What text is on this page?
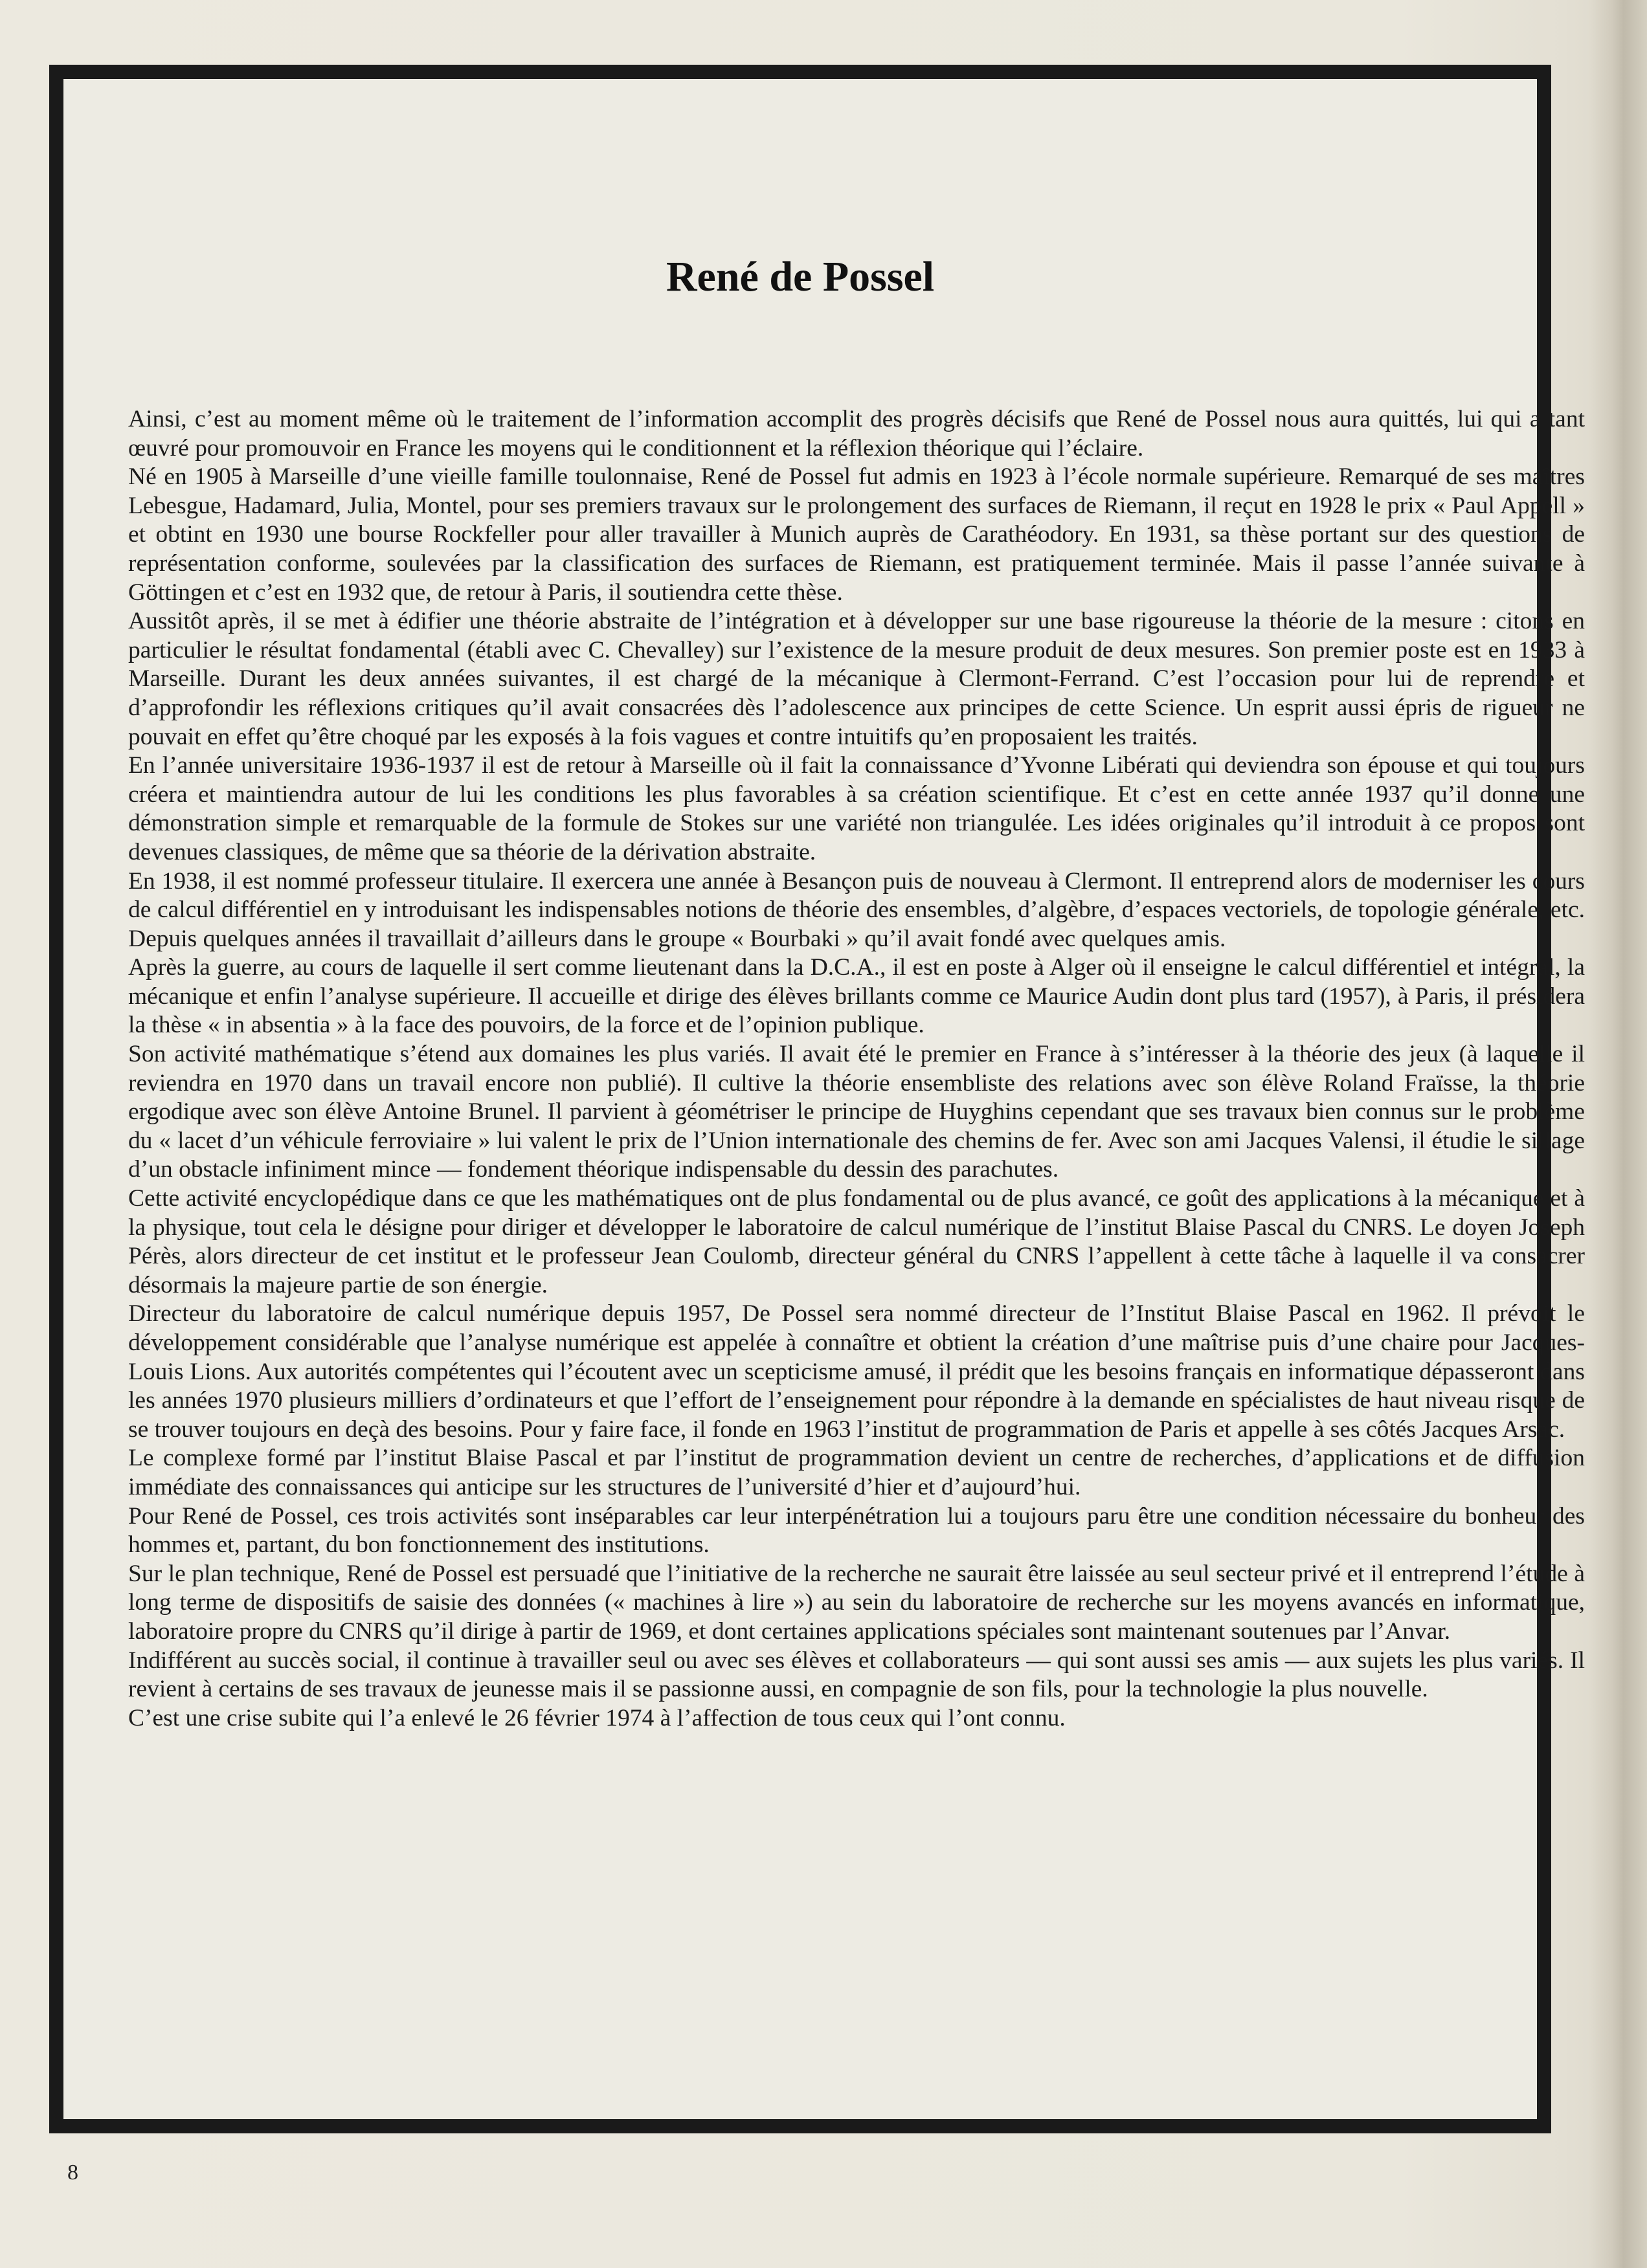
René de Possel

Ainsi, c’est au moment même où le traitement de l’information accomplit des progrès décisifs que René de Possel nous aura quittés, lui qui a tant œuvré pour promouvoir en France les moyens qui le conditionnent et la réflexion théorique qui l’éclaire.

Né en 1905 à Marseille d’une vieille famille toulonnaise, René de Possel fut admis en 1923 à l’école normale supérieure. Remarqué de ses maîtres Lebesgue, Hadamard, Julia, Montel, pour ses premiers travaux sur le prolongement des surfaces de Riemann, il reçut en 1928 le prix « Paul Appell » et obtint en 1930 une bourse Rockfeller pour aller travailler à Munich auprès de Carathéodory. En 1931, sa thèse portant sur des questions de représentation conforme, soulevées par la classification des surfaces de Riemann, est pratiquement terminée. Mais il passe l’année suivante à Göttingen et c’est en 1932 que, de retour à Paris, il soutiendra cette thèse.

Aussitôt après, il se met à édifier une théorie abstraite de l’intégration et à développer sur une base rigoureuse la théorie de la mesure : citons en particulier le résultat fondamental (établi avec C. Chevalley) sur l’existence de la mesure produit de deux mesures. Son premier poste est en 1933 à Marseille. Durant les deux années suivantes, il est chargé de la mécanique à Clermont-Ferrand. C’est l’occasion pour lui de reprendre et d’approfondir les réflexions critiques qu’il avait consacrées dès l’adolescence aux principes de cette Science. Un esprit aussi épris de rigueur ne pouvait en effet qu’être choqué par les exposés à la fois vagues et contre intuitifs qu’en proposaient les traités.

En l’année universitaire 1936-1937 il est de retour à Marseille où il fait la connaissance d’Yvonne Libérati qui deviendra son épouse et qui toujours créera et maintiendra autour de lui les conditions les plus favorables à sa création scientifique. Et c’est en cette année 1937 qu’il donne une démonstration simple et remarquable de la formule de Stokes sur une variété non triangulée. Les idées originales qu’il introduit à ce propos sont devenues classiques, de même que sa théorie de la dérivation abstraite.

En 1938, il est nommé professeur titulaire. Il exercera une année à Besançon puis de nouveau à Clermont. Il entreprend alors de moderniser les cours de calcul différentiel en y introduisant les indispensables notions de théorie des ensembles, d’algèbre, d’espaces vectoriels, de topologie générale, etc. Depuis quelques années il travaillait d’ailleurs dans le groupe « Bourbaki » qu’il avait fondé avec quelques amis.

Après la guerre, au cours de laquelle il sert comme lieutenant dans la D.C.A., il est en poste à Alger où il enseigne le calcul différentiel et intégral, la mécanique et enfin l’analyse supérieure. Il accueille et dirige des élèves brillants comme ce Maurice Audin dont plus tard (1957), à Paris, il présidera la thèse « in absentia » à la face des pouvoirs, de la force et de l’opinion publique.

Son activité mathématique s’étend aux domaines les plus variés. Il avait été le premier en France à s’intéresser à la théorie des jeux (à laquelle il reviendra en 1970 dans un travail encore non publié). Il cultive la théorie ensembliste des relations avec son élève Roland Fraïsse, la théorie ergodique avec son élève Antoine Brunel. Il parvient à géométriser le principe de Huyghins cependant que ses travaux bien connus sur le problème du « lacet d’un véhicule ferroviaire » lui valent le prix de l’Union internationale des chemins de fer. Avec son ami Jacques Valensi, il étudie le sillage d’un obstacle infiniment mince — fondement théorique indispensable du dessin des parachutes.

Cette activité encyclopédique dans ce que les mathématiques ont de plus fondamental ou de plus avancé, ce goût des applications à la mécanique et à la physique, tout cela le désigne pour diriger et développer le laboratoire de calcul numérique de l’institut Blaise Pascal du CNRS. Le doyen Joseph Pérès, alors directeur de cet institut et le professeur Jean Coulomb, directeur général du CNRS l’appellent à cette tâche à laquelle il va consacrer désormais la majeure partie de son énergie.

Directeur du laboratoire de calcul numérique depuis 1957, De Possel sera nommé directeur de l’Institut Blaise Pascal en 1962. Il prévoit le développement considérable que l’analyse numérique est appelée à connaître et obtient la création d’une maîtrise puis d’une chaire pour Jacques-Louis Lions. Aux autorités compétentes qui l’écoutent avec un scepticisme amusé, il prédit que les besoins français en informatique dépasseront dans les années 1970 plusieurs milliers d’ordinateurs et que l’effort de l’enseignement pour répondre à la demande en spécialistes de haut niveau risque de se trouver toujours en deçà des besoins. Pour y faire face, il fonde en 1963 l’institut de programmation de Paris et appelle à ses côtés Jacques Arsac.

Le complexe formé par l’institut Blaise Pascal et par l’institut de programmation devient un centre de recherches, d’applications et de diffusion immédiate des connaissances qui anticipe sur les structures de l’université d’hier et d’aujourd’hui.

Pour René de Possel, ces trois activités sont inséparables car leur interpénétration lui a toujours paru être une condition nécessaire du bonheur des hommes et, partant, du bon fonctionnement des institutions.

Sur le plan technique, René de Possel est persuadé que l’initiative de la recherche ne saurait être laissée au seul secteur privé et il entreprend l’étude à long terme de dispositifs de saisie des données (« machines à lire ») au sein du laboratoire de recherche sur les moyens avancés en informatique, laboratoire propre du CNRS qu’il dirige à partir de 1969, et dont certaines applications spéciales sont maintenant soutenues par l’Anvar.

Indifférent au succès social, il continue à travailler seul ou avec ses élèves et collaborateurs — qui sont aussi ses amis — aux sujets les plus variés. Il revient à certains de ses travaux de jeunesse mais il se passionne aussi, en compagnie de son fils, pour la technologie la plus nouvelle.

C’est une crise subite qui l’a enlevé le 26 février 1974 à l’affection de tous ceux qui l’ont connu.

8
